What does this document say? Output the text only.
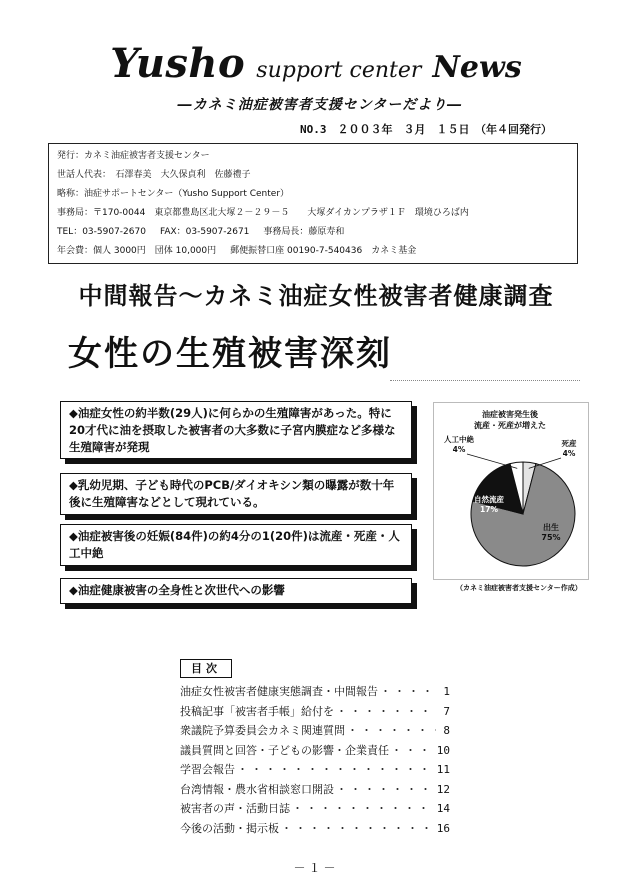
Yusho support center News
―カネミ油症被害者支援センターだより―
NO.3　２００３年　３月　１５日　（年４回発行）
発行：カネミ油症被害者支援センター
世話人代表：　石澤春美　大久保貞利　佐藤禮子
略称：油症サポートセンター（Yusho Support Center）
事務局：〒170-0044　東京都豊島区北大塚２－２９－５　　大塚ダイカンプラザ１Ｆ　環境ひろば内
TEL：03-5907-2670 FAX：03-5907-2671 事務局長：藤原寿和
年会費：個人 3000円　団体 10,000円 郵便振替口座 00190-7-540436　カネミ基金
中間報告～カネミ油症女性被害者健康調査
女性の生殖被害深刻
◆油症女性の約半数(29人)に何らかの生殖障害があった。特に20才代に油を摂取した被害者の大多数に子宮内膜症など多様な生殖障害が発現
◆乳幼児期、子ども時代のPCB/ダイオキシン類の曝露が数十年後に生殖障害などとして現れている。
◆油症被害後の妊娠(84件)の約4分の1(20件)は流産・死産・人工中絶
◆油症健康被害の全身性と次世代への影響
油症被害発生後
流産・死産が増えた
出生
75%
自然流産
17%
人工中絶
4%
死産
4%
（カネミ油症被害者支援センター作成）
目次
油症女性被害者健康実態調査・中間報告 ・・・・・・・・・・・・・・・・・・・・・・・・・・・・	1
投稿記事「被害者手帳」給付を ・・・・・・・・・・・・・・・・・・・・・・・・・・・・	7
衆議院予算委員会カネミ関連質問 ・・・・・・・・・・・・・・・・・・・・・・・・・・・・	8
議員質問と回答・子どもの影響・企業責任 ・・・・・・・・・・・・・・・・・・・・・・・・・・・・	10
学習会報告 ・・・・・・・・・・・・・・・・・・・・・・・・・・・・	11
台湾情報・農水省相談窓口開設 ・・・・・・・・・・・・・・・・・・・・・・・・・・・・	12
被害者の声・活動日誌 ・・・・・・・・・・・・・・・・・・・・・・・・・・・・	14
今後の活動・掲示板 ・・・・・・・・・・・・・・・・・・・・・・・・・・・・	16
－１－
